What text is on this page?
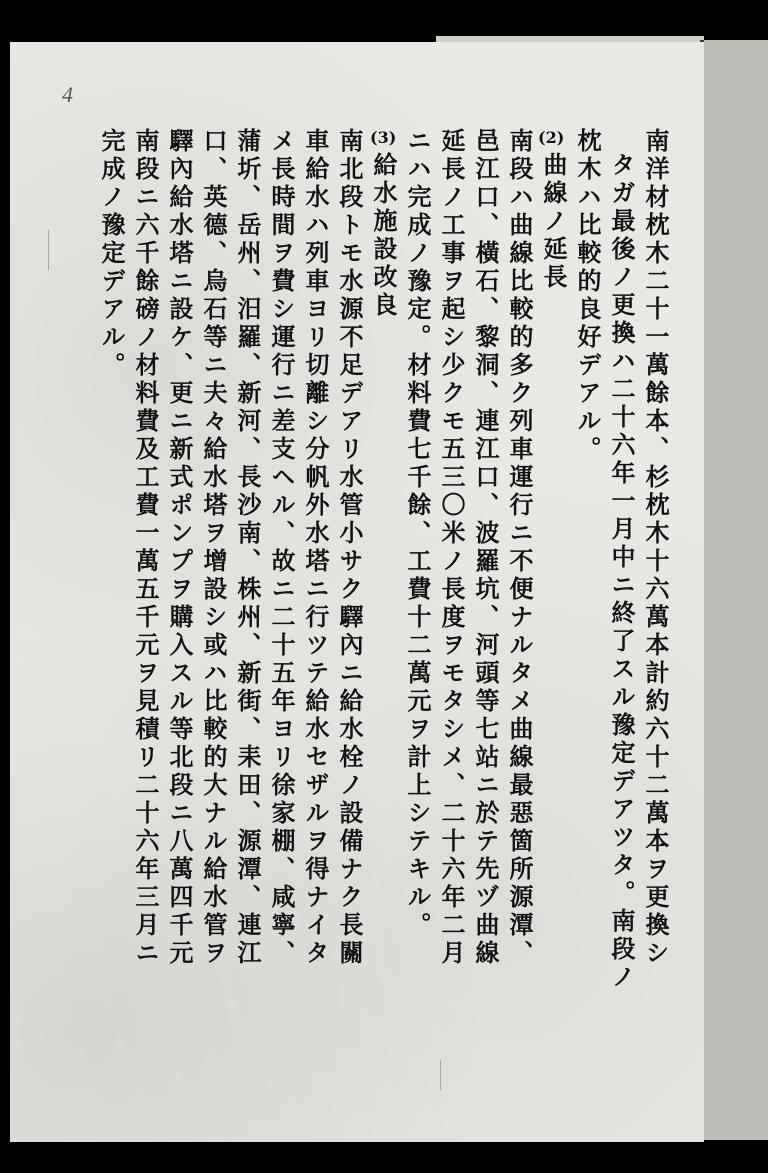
4
(2)
(3)	南洋材枕木二十一萬餘本、杉枕木十六萬本計約六十二萬本ヲ更換シ
タガ最後ノ更換ハ二十六年一月中ニ終了スル豫定デアツタ。南段ノ
枕木ハ比較的良好デアル。
曲線ノ延長
南段ハ曲線比較的多ク列車運行ニ不便ナルタメ曲線最惡箇所源潭、
邑江口、橫石、黎洞、連江口、波羅坑、河頭等七站ニ於テ先ヅ曲線
延長ノ工事ヲ起シ少クモ五三〇米ノ長度ヲモタシメ、二十六年二月
ニハ完成ノ豫定。材料費七千餘、工費十二萬元ヲ計上シテキル。
給水施設改良
南北段トモ水源不足デアリ水管小サク驛內ニ給水栓ノ設備ナク長關
車給水ハ列車ヨリ切離シ分帆外水塔ニ行ツテ給水セザルヲ得ナイタ
メ長時間ヲ費シ運行ニ差支ヘル、故ニ二十五年ヨリ徐家棚、咸寧、
蒲圻、岳州、汨羅、新河、長沙南、株州、新街、耒田、源潭、連江
口、英德、烏石等ニ夫々給水塔ヲ增設シ或ハ比較的大ナル給水管ヲ
驛內給水塔ニ設ケ、更ニ新式ポンプヲ購入スル等北段ニ八萬四千元
南段ニ六千餘磅ノ材料費及工費一萬五千元ヲ見積リ二十六年三月ニ
完成ノ豫定デアル。
